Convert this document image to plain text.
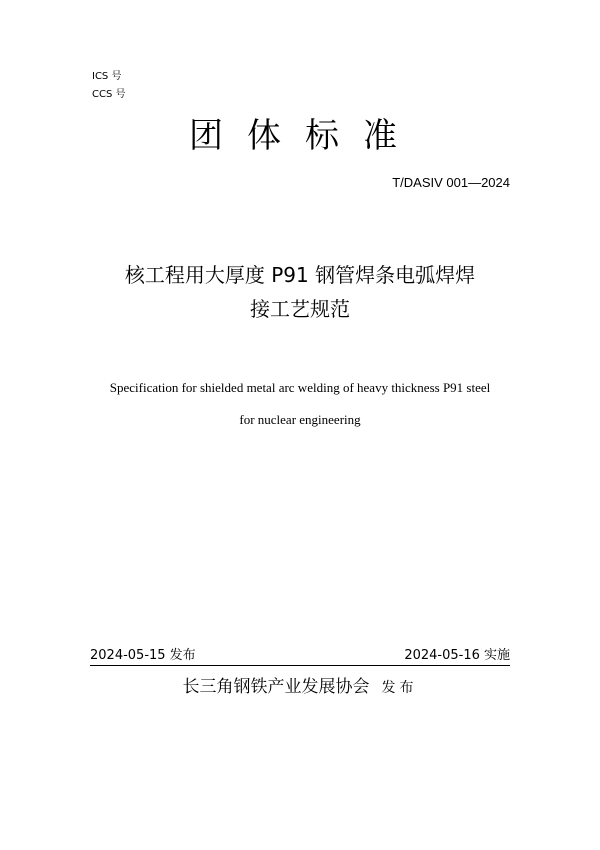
ICS 号
CCS 号
团体标准
T/DASIV 001—2024
核工程用大厚度 P91 钢管焊条电弧焊焊
接工艺规范
Specification for shielded metal arc welding of heavy thickness P91 steel
for nuclear engineering
2024-05-15 发布	2024-05-16 实施
长三角钢铁产业发展协会 发布
